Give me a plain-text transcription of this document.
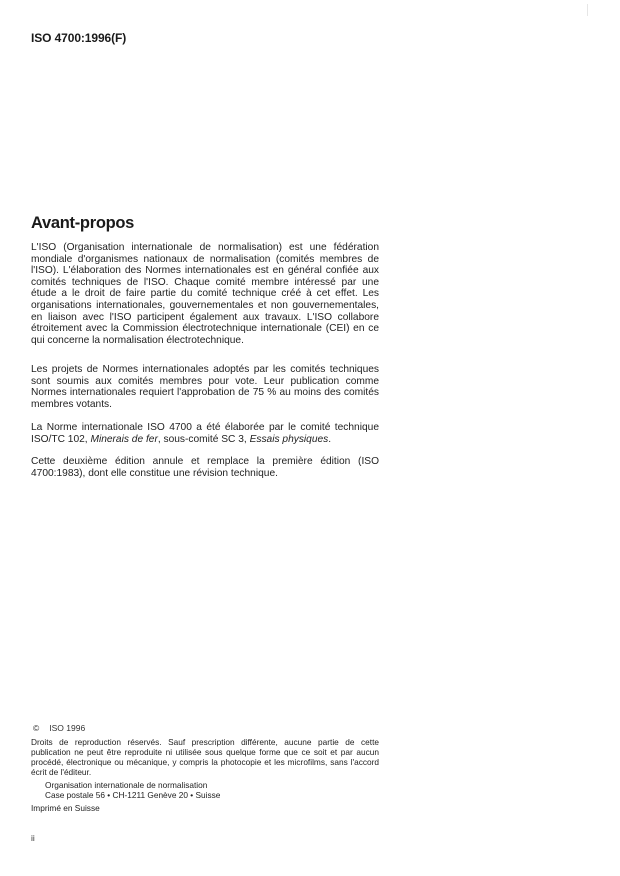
ISO 4700:1996(F)
Avant-propos

L'ISO (Organisation internationale de normalisation) est une fédération mondiale d'organismes nationaux de normalisation (comités membres de l'ISO). L'élaboration des Normes internationales est en général confiée aux comités techniques de l'ISO. Chaque comité membre intéressé par une étude a le droit de faire partie du comité technique créé à cet effet. Les organisations internationales, gouvernementales et non gouvernementales, en liaison avec l'ISO participent également aux travaux. L'ISO collabore étroitement avec la Commission électrotechnique internationale (CEI) en ce qui concerne la normalisation électrotechnique.

Les projets de Normes internationales adoptés par les comités techniques sont soumis aux comités membres pour vote. Leur publication comme Normes internationales requiert l'approbation de 75 % au moins des comités membres votants.

La Norme internationale ISO 4700 a été élaborée par le comité technique ISO/TC 102, Minerais de fer, sous-comité SC 3, Essais physiques.

Cette deuxième édition annule et remplace la première édition (ISO 4700:1983), dont elle constitue une révision technique.

© ISO 1996

Droits de reproduction réservés. Sauf prescription différente, aucune partie de cette publication ne peut être reproduite ni utilisée sous quelque forme que ce soit et par aucun procédé, électronique ou mécanique, y compris la photocopie et les microfilms, sans l'accord écrit de l'éditeur.

Organisation internationale de normalisation
Case postale 56 • CH-1211 Genève 20 • Suisse
Imprimé en Suisse
ii
